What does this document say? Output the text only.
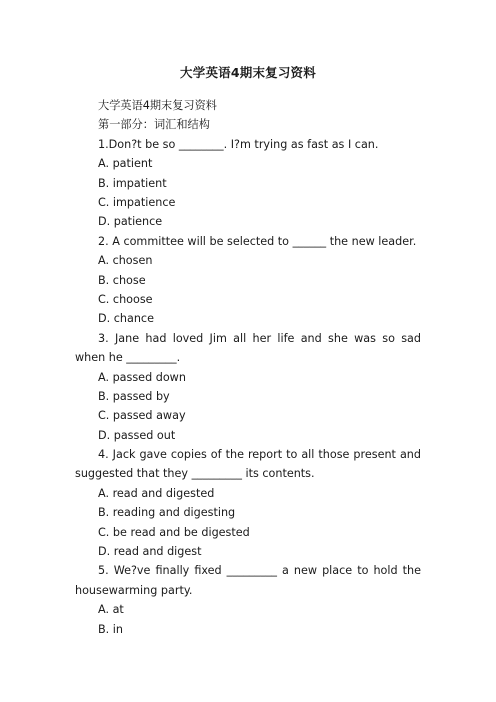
大学英语4期末复习资料
大学英语4期末复习资料
第一部分：词汇和结构
1.Don?t be so ________. I?m trying as fast as I can.
A. patient
B. impatient
C. impatience
D. patience
2. A committee will be selected to ______ the new leader.
A. chosen
B. chose
C. choose
D. chance
3. Jane had loved Jim all her life and she was so sad when he _________.
A. passed down
B. passed by
C. passed away
D. passed out
4. Jack gave copies of the report to all those present and suggested that they _________ its contents.
A. read and digested
B. reading and digesting
C. be read and be digested
D. read and digest
5. We?ve finally fixed _________ a new place to hold the housewarming party.
A. at
B. in
